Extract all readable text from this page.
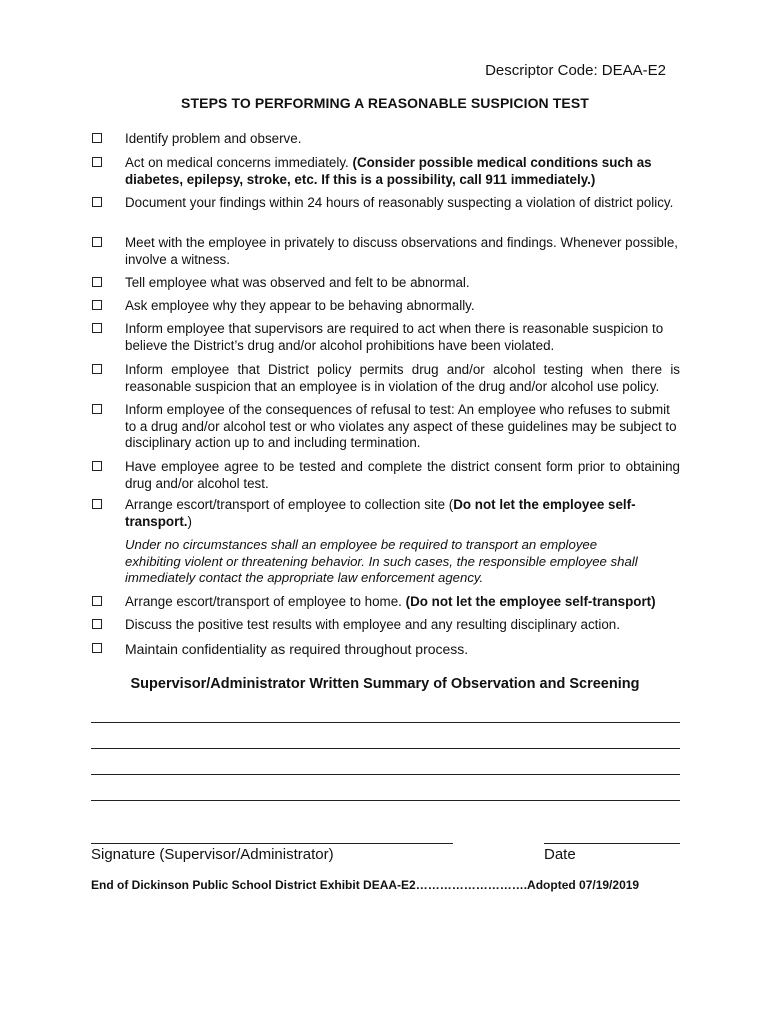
Descriptor Code: DEAA-E2
STEPS TO PERFORMING A REASONABLE SUSPICION TEST
Identify problem and observe.
Act on medical concerns immediately. (Consider possible medical conditions such as diabetes, epilepsy, stroke, etc. If this is a possibility, call 911 immediately.)
Document your findings within 24 hours of reasonably suspecting a violation of district policy.
Meet with the employee in privately to discuss observations and findings. Whenever possible, involve a witness.
Tell employee what was observed and felt to be abnormal.
Ask employee why they appear to be behaving abnormally.
Inform employee that supervisors are required to act when there is reasonable suspicion to believe the District’s drug and/or alcohol prohibitions have been violated.
Inform employee that District policy permits drug and/or alcohol testing when there is reasonable suspicion that an employee is in violation of the drug and/or alcohol use policy.
Inform employee of the consequences of refusal to test: An employee who refuses to submit to a drug and/or alcohol test or who violates any aspect of these guidelines may be subject to disciplinary action up to and including termination.
Have employee agree to be tested and complete the district consent form prior to obtaining drug and/or alcohol test.
Arrange escort/transport of employee to collection site (Do not let the employee self-transport.)
Under no circumstances shall an employee be required to transport an employee exhibiting violent or threatening behavior. In such cases, the responsible employee shall immediately contact the appropriate law enforcement agency.
Arrange escort/transport of employee to home. (Do not let the employee self-transport)
Discuss the positive test results with employee and any resulting disciplinary action.
Maintain confidentiality as required throughout process.
Supervisor/Administrator Written Summary of Observation and Screening
Signature (Supervisor/Administrator)	Date
End of Dickinson Public School District Exhibit DEAA-E2……………………….Adopted 07/19/2019
